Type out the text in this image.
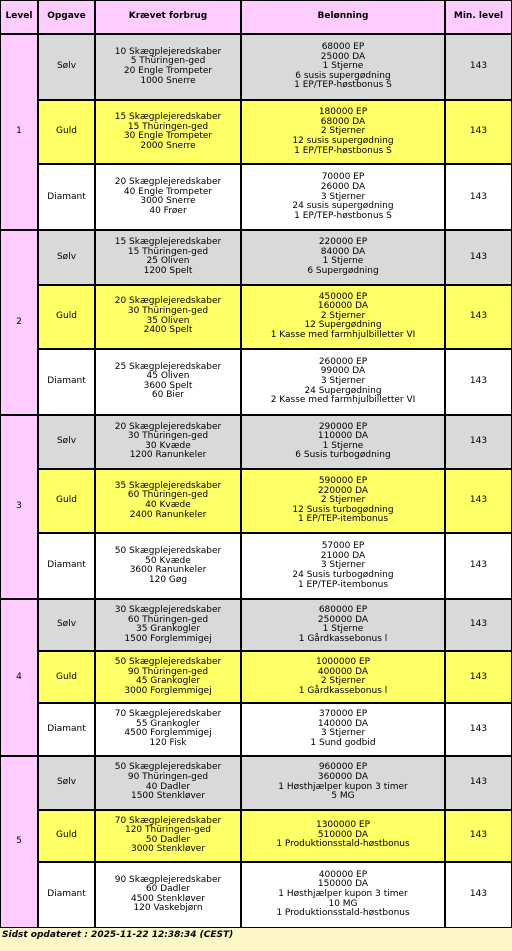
Level	Opgave	Krævet forbrug	Belønning	Min. level
1	Sølv	10 Skægplejeredskaber
5 Thüringen-ged
20 Engle Trompeter
1000 Snerre	68000 EP
25000 DA
1 Stjerne
6 susis supergødning
1 EP/TEP-høstbonus S	143
	Guld	15 Skægplejeredskaber
15 Thüringen-ged
30 Engle Trompeter
2000 Snerre	180000 EP
68000 DA
2 Stjerner
12 susis supergødning
1 EP/TEP-høstbonus S	143
	Diamant	20 Skægplejeredskaber
40 Engle Trompeter
3000 Snerre
40 Frøer	70000 EP
26000 DA
3 Stjerner
24 susis supergødning
1 EP/TEP-høstbonus S	143
2	Sølv	15 Skægplejeredskaber
15 Thüringen-ged
25 Oliven
1200 Spelt	220000 EP
84000 DA
1 Stjerne
6 Supergødning	143
	Guld	20 Skægplejeredskaber
30 Thüringen-ged
35 Oliven
2400 Spelt	450000 EP
160000 DA
2 Stjerner
12 Supergødning
1 Kasse med farmhjulbilletter VI	143
	Diamant	25 Skægplejeredskaber
45 Oliven
3600 Spelt
60 Bier	260000 EP
99000 DA
3 Stjerner
24 Supergødning
2 Kasse med farmhjulbilletter VI	143
3	Sølv	20 Skægplejeredskaber
30 Thüringen-ged
30 Kvæde
1200 Ranunkeler	290000 EP
110000 DA
1 Stjerne
6 Susis turbogødning	143
	Guld	35 Skægplejeredskaber
60 Thüringen-ged
40 Kvæde
2400 Ranunkeler	590000 EP
220000 DA
2 Stjerner
12 Susis turbogødning
1 EP/TEP-itembonus	143
	Diamant	50 Skægplejeredskaber
50 Kvæde
3600 Ranunkeler
120 Gøg	57000 EP
21000 DA
3 Stjerner
24 Susis turbogødning
1 EP/TEP-itembonus	143
4	Sølv	30 Skægplejeredskaber
60 Thüringen-ged
35 Grankogler
1500 Forglemmigej	680000 EP
250000 DA
1 Stjerne
1 Gårdkassebonus l	143
	Guld	50 Skægplejeredskaber
90 Thüringen-ged
45 Grankogler
3000 Forglemmigej	1000000 EP
400000 DA
2 Stjerner
1 Gårdkassebonus l	143
	Diamant	70 Skægplejeredskaber
55 Grankogler
4500 Forglemmigej
120 Fisk	370000 EP
140000 DA
3 Stjerner
1 Sund godbid	143
5	Sølv	50 Skægplejeredskaber
90 Thüringen-ged
40 Dadler
1500 Stenkløver	960000 EP
360000 DA
1 Høsthjælper kupon 3 timer
5 MG	143
	Guld	70 Skægplejeredskaber
120 Thüringen-ged
50 Dadler
3000 Stenkløver	1300000 EP
510000 DA
1 Produktionsstald-høstbonus	143
	Diamant	90 Skægplejeredskaber
60 Dadler
4500 Stenkløver
120 Vaskebjørn	400000 EP
150000 DA
1 Høsthjælper kupon 3 timer
10 MG
1 Produktionsstald-høstbonus	143
Sidst opdateret : 2025-11-22 12:38:34 (CEST)
